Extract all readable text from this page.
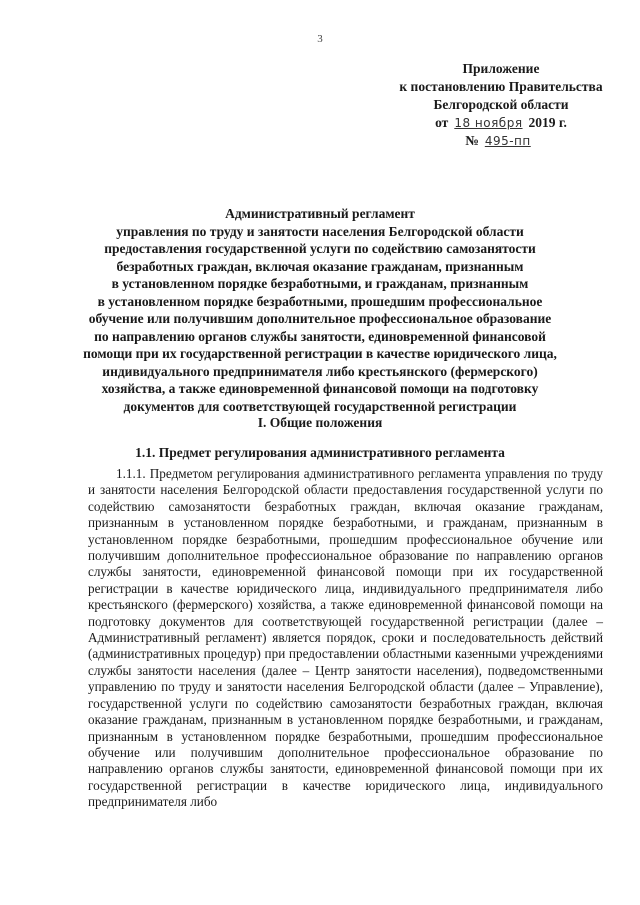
3
Приложение
к постановлению Правительства
Белгородской области
от 18 ноября 2019 г.
№ 495-пп
Административный регламент
управления по труду и занятости населения Белгородской области
предоставления государственной услуги по содействию самозанятости
безработных граждан, включая оказание гражданам, признанным
в установленном порядке безработными, и гражданам, признанным
в установленном порядке безработными, прошедшим профессиональное
обучение или получившим дополнительное профессиональное образование
по направлению органов службы занятости, единовременной финансовой
помощи при их государственной регистрации в качестве юридического лица,
индивидуального предпринимателя либо крестьянского (фермерского)
хозяйства, а также единовременной финансовой помощи на подготовку
документов для соответствующей государственной регистрации
I. Общие положения
1.1. Предмет регулирования административного регламента
1.1.1. Предметом регулирования административного регламента управления по труду и занятости населения Белгородской области предоставления государственной услуги по содействию самозанятости безработных граждан, включая оказание гражданам, признанным в установленном порядке безработными, и гражданам, признанным в установленном порядке безработными, прошедшим профессиональное обучение или получившим дополнительное профессиональное образование по направлению органов службы занятости, единовременной финансовой помощи при их государственной регистрации в качестве юридического лица, индивидуального предпринимателя либо крестьянского (фермерского) хозяйства, а также единовременной финансовой помощи на подготовку документов для соответствующей государственной регистрации (далее – Административный регламент) является порядок, сроки и последовательность действий (административных процедур) при предоставлении областными казенными учреждениями службы занятости населения (далее – Центр занятости населения), подведомственными управлению по труду и занятости населения Белгородской области (далее – Управление), государственной услуги по содействию самозанятости безработных граждан, включая оказание гражданам, признанным в установленном порядке безработными, и гражданам, признанным в установленном порядке безработными, прошедшим профессиональное обучение или получившим дополнительное профессиональное образование по направлению органов службы занятости, единовременной финансовой помощи при их государственной регистрации в качестве юридического лица, индивидуального предпринимателя либо
